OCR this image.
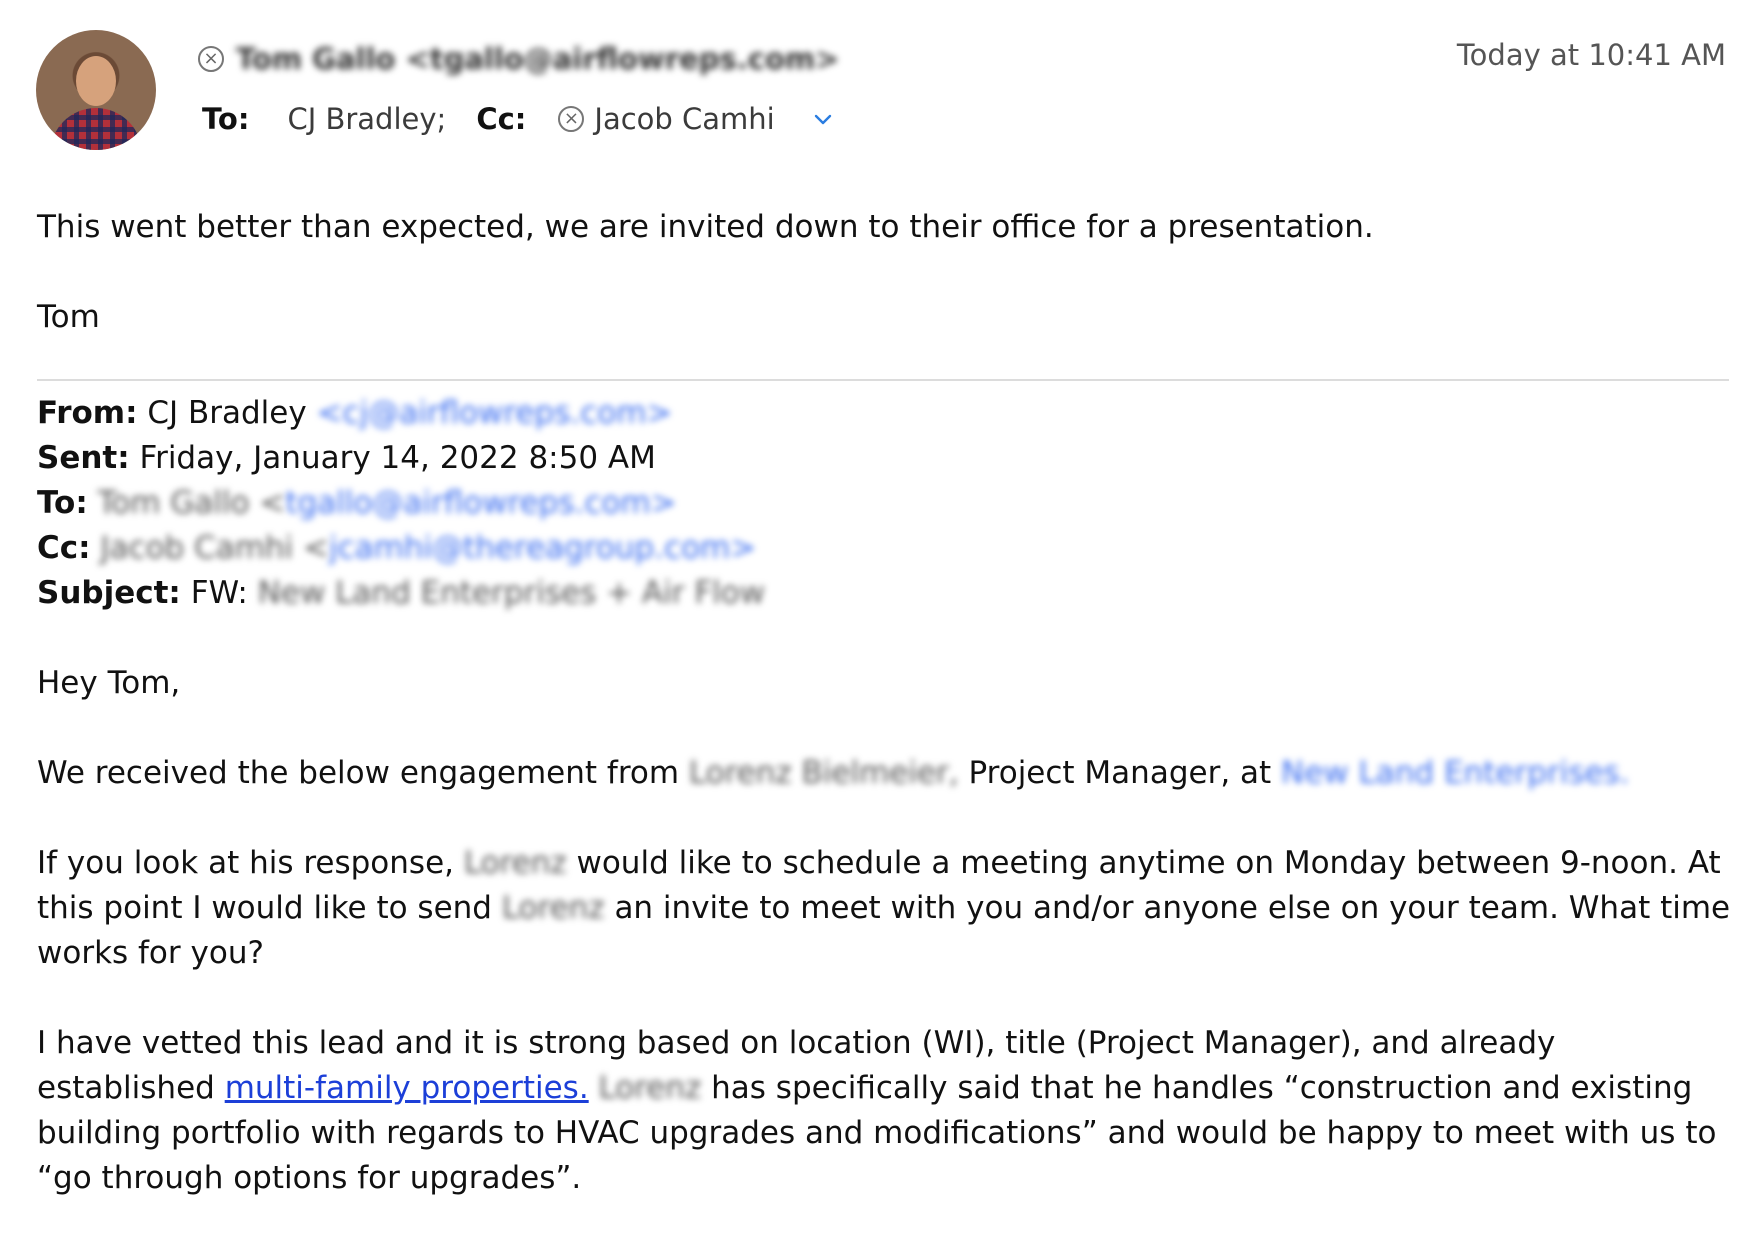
× Tom Gallo <tgallo@airflowreps.com>	Today at 10:41 AM
To: CJ Bradley; Cc:	× Jacob Camhi

This went better than expected, we are invited down to their office for a presentation.

Tom

From: CJ Bradley <cj@airflowreps.com>

Sent: Friday, January 14, 2022 8:50 AM

To: Tom Gallo <tgallo@airflowreps.com>

Cc: Jacob Camhi <jcamhi@thereagroup.com>

Subject: FW: New Land Enterprises + Air Flow

Hey Tom,

We received the below engagement from Lorenz Bielmeier, Project Manager, at New Land Enterprises.

If you look at his response, Lorenz would like to schedule a meeting anytime on Monday between 9-noon. At this point I would like to send Lorenz an invite to meet with you and/or anyone else on your team. What time works for you?

I have vetted this lead and it is strong based on location (WI), title (Project Manager), and already established multi-family properties. Lorenz has specifically said that he handles “construction and existing building portfolio with regards to HVAC upgrades and modifications” and would be happy to meet with us to “go through options for upgrades”.
